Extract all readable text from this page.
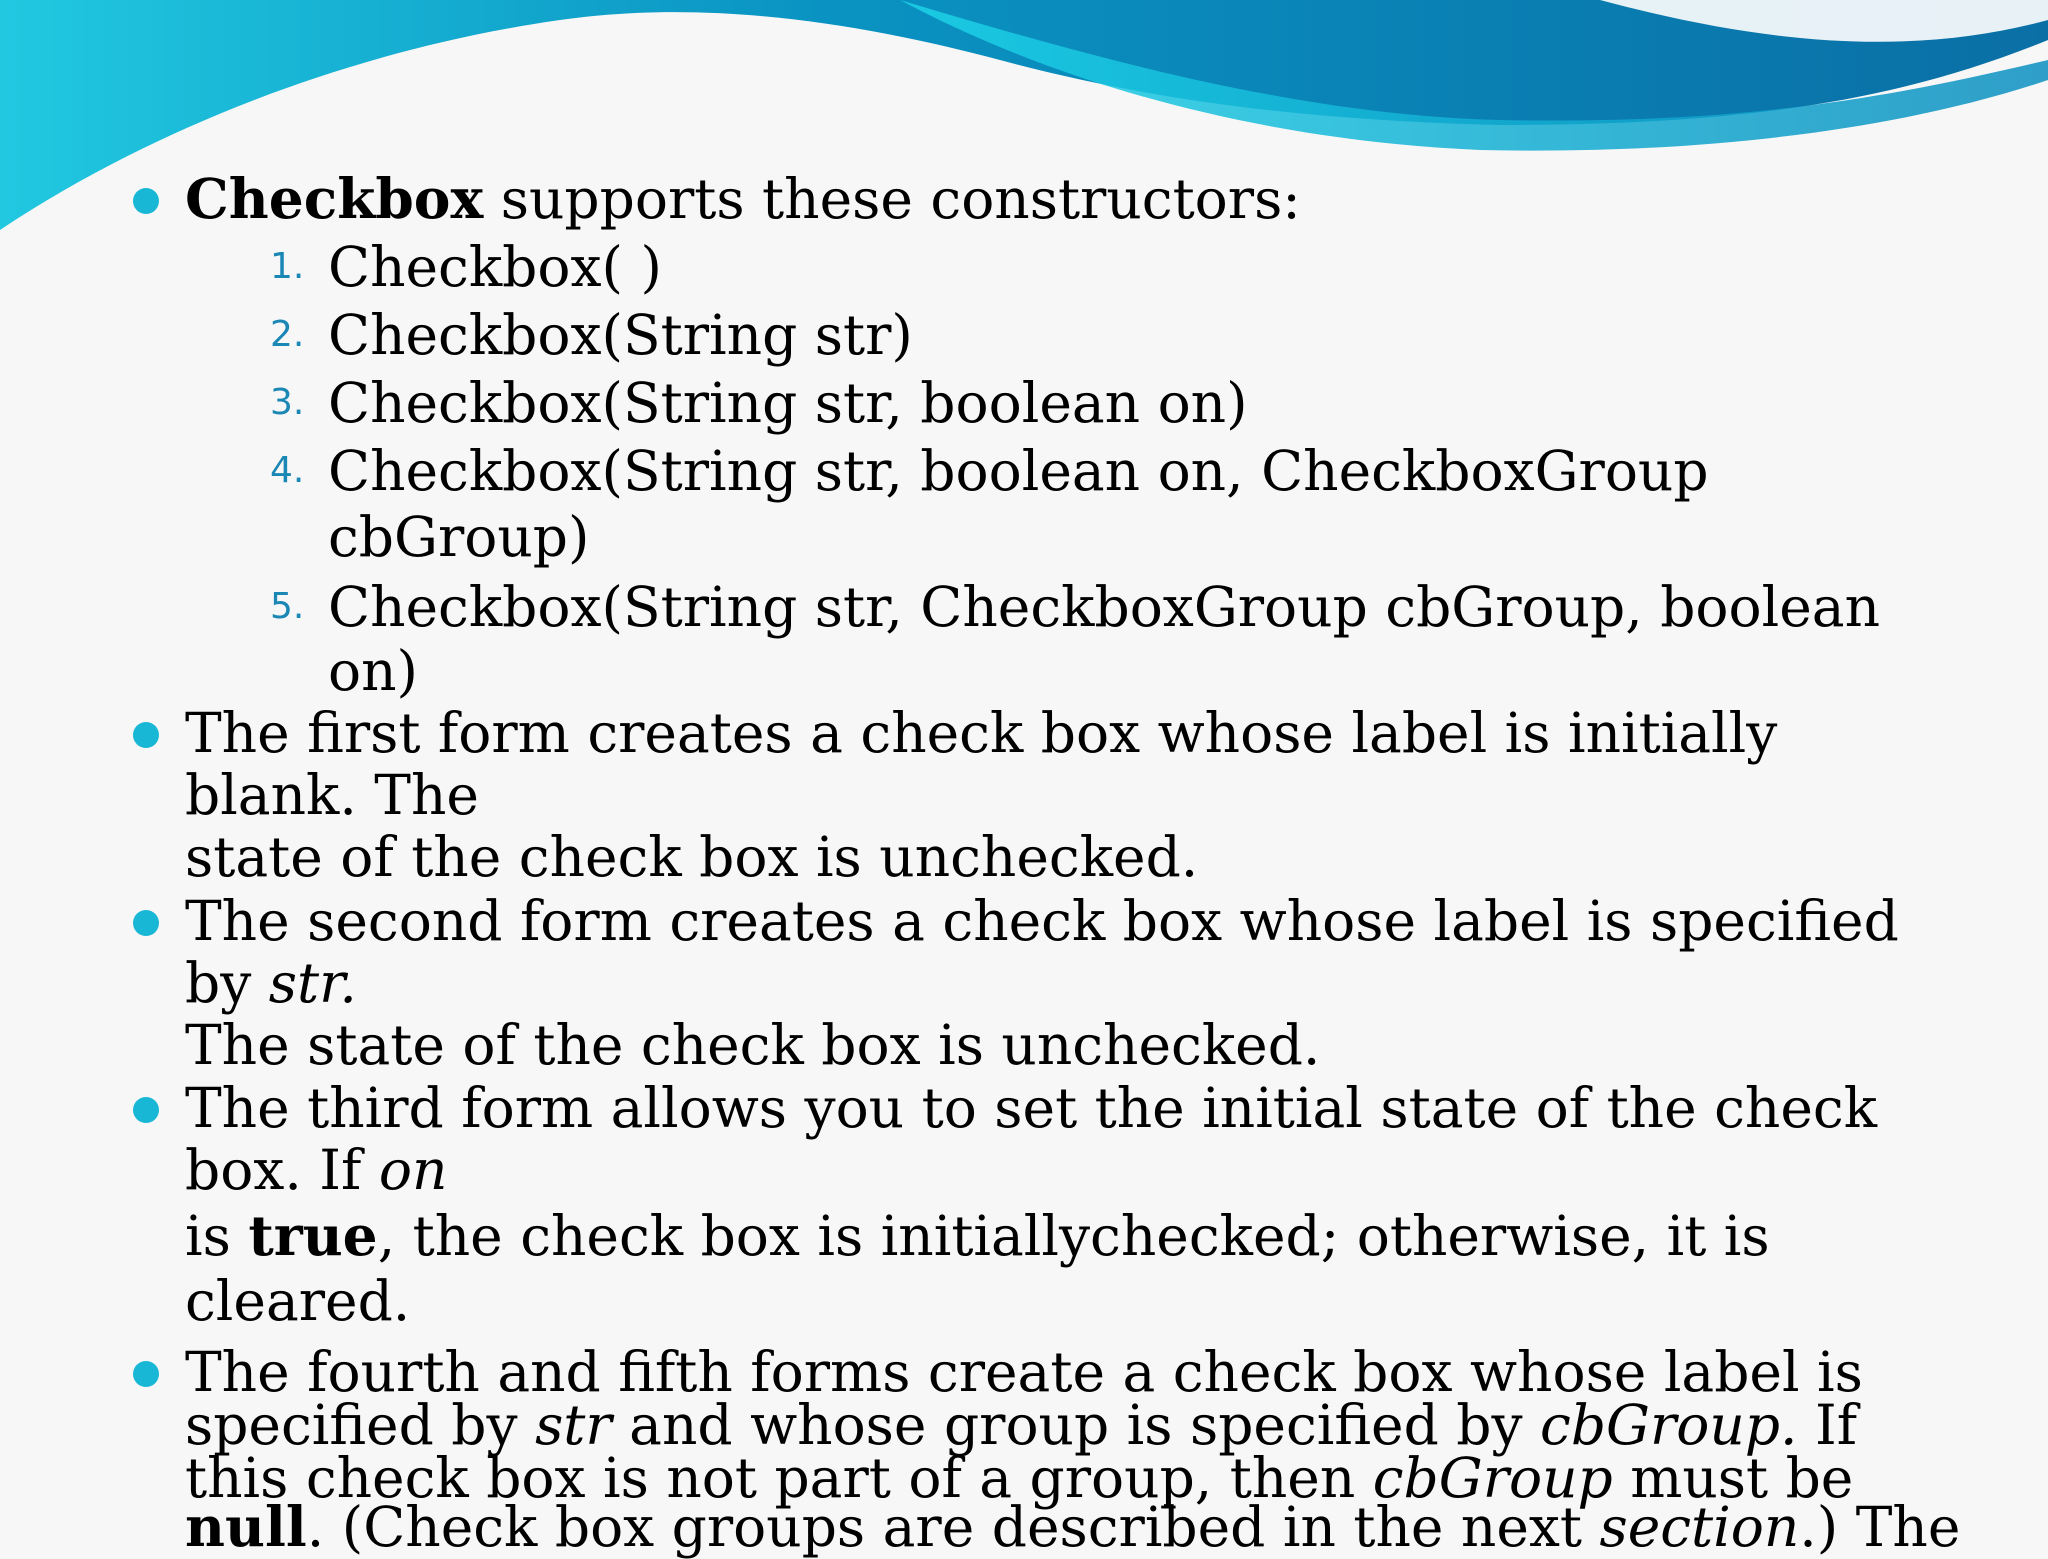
Checkbox supports these constructors:
1. Checkbox( )
2. Checkbox(String str)
3. Checkbox(String str, boolean on)
4. Checkbox(String str, boolean on, CheckboxGroup
cbGroup)
5. Checkbox(String str, CheckboxGroup cbGroup, boolean
on)
The first form creates a check box whose label is initially
blank. The
state of the check box is unchecked.
The second form creates a check box whose label is specified
by str.
The state of the check box is unchecked.
The third form allows you to set the initial state of the check
box. If on
is true, the check box is initiallychecked; otherwise, it is
cleared.
The fourth and fifth forms create a check box whose label is
specified by str and whose group is specified by cbGroup. If
this check box is not part of a group, then cbGroup must be
null. (Check box groups are described in the next section.) The
